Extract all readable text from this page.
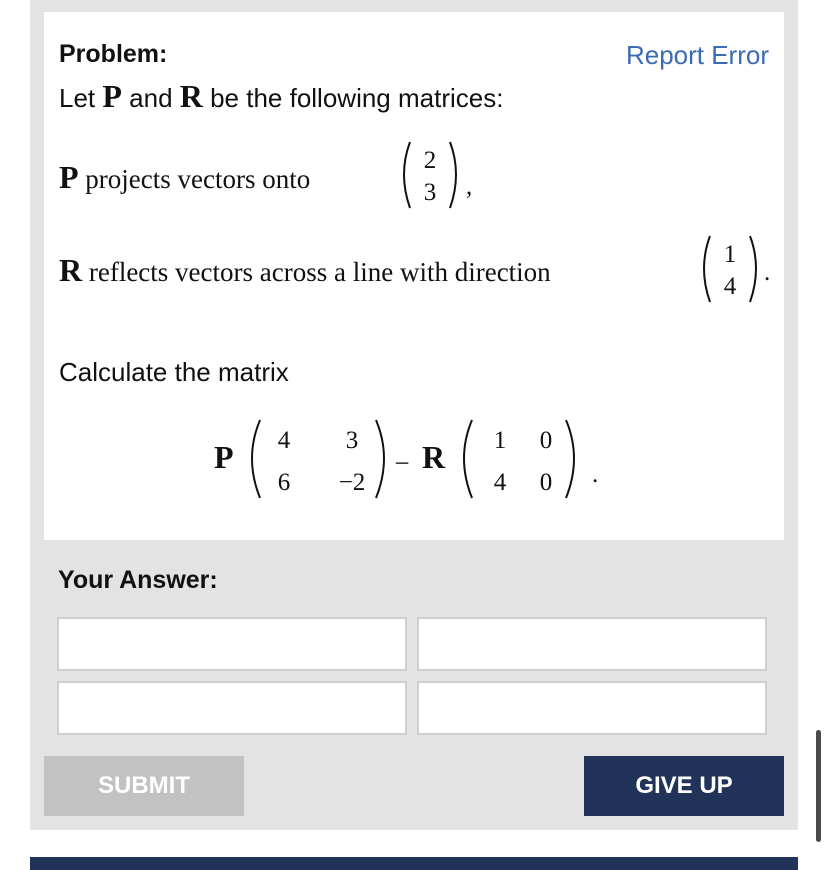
Problem:	Report Error
Let P and R be the following matrices:
P projects vectors onto
2
3 ,
R reflects vectors across a line with direction
1
4
.
Calculate the matrix
P 4 3
6 −2
− R 1 0
4 0 .
Your Answer:
SUBMIT	GIVE UP
